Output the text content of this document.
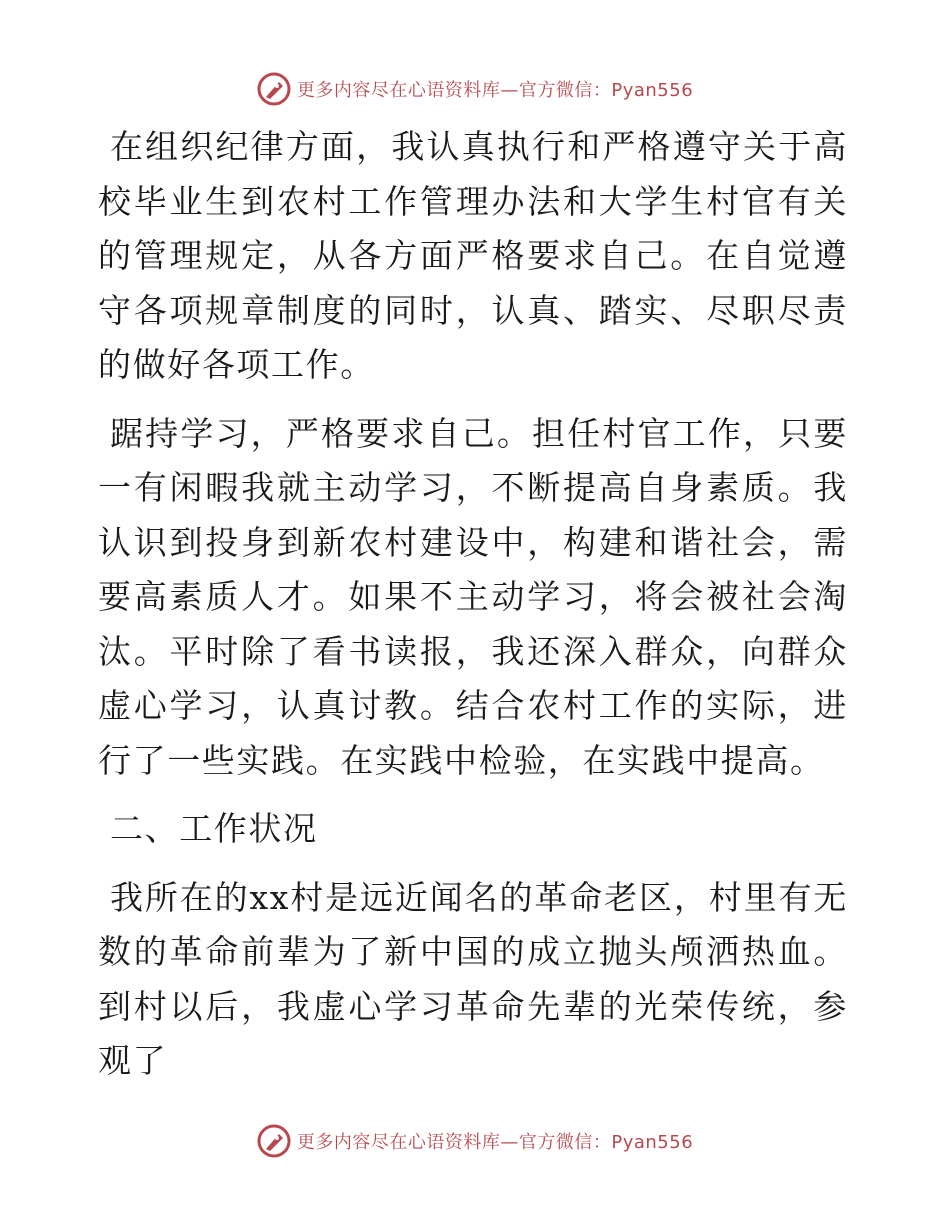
更多内容尽在心语资料库—官方微信：Pyan556

在组织纪律方面，我认真执行和严格遵守关于高校毕业生到农村工作管理办法和大学生村官有关的管理规定，从各方面严格要求自己。在自觉遵守各项规章制度的同时，认真、踏实、尽职尽责的做好各项工作。

踞持学习，严格要求自己。担任村官工作，只要一有闲暇我就主动学习，不断提高自身素质。我认识到投身到新农村建设中，构建和谐社会，需要高素质人才。如果不主动学习，将会被社会淘汰。平时除了看书读报，我还深入群众，向群众虚心学习，认真讨教。结合农村工作的实际，进行了一些实践。在实践中检验，在实践中提高。

二、工作状况

我所在的xx村是远近闻名的革命老区，村里有无数的革命前辈为了新中国的成立抛头颅洒热血。到村以后，我虚心学习革命先辈的光荣传统，参观了

更多内容尽在心语资料库—官方微信：Pyan556
